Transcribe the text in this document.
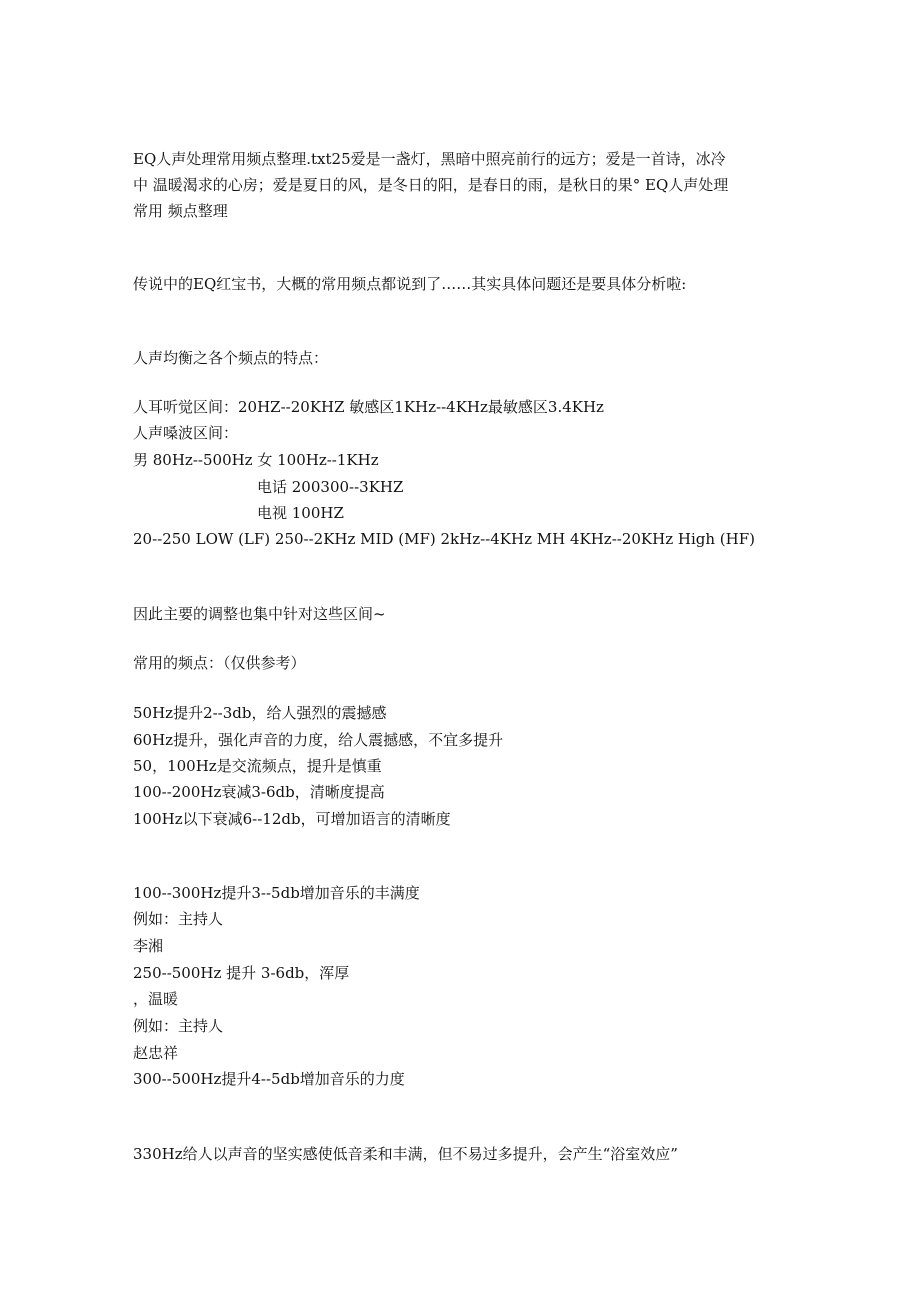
EQ人声处理常用频点整理.txt25爱是一盏灯，黑暗中照亮前行的远方；爱是一首诗，冰冷
中 温暖渴求的心房；爱是夏日的风，是冬日的阳，是春日的雨，是秋日的果° EQ人声处理
常用 频点整理
传说中的EQ红宝书，大概的常用频点都说到了……其实具体问题还是要具体分析啦:
人声均衡之各个频点的特点：
人耳听觉区间：20HZ--20KHZ 敏感区1KHz--4KHz最敏感区3.4KHz
人声嗓波区间：
男 80Hz--500Hz 女 100Hz--1KHz
电话 200300--3KHZ
电视 100HZ
20--250 LOW (LF) 250--2KHz MID (MF) 2kHz--4KHz MH 4KHz--20KHz High (HF)
因此主要的调整也集中针对这些区间~
常用的频点：（仅供参考）
50Hz提升2--3db，给人强烈的震撼感
60Hz提升，强化声音的力度，给人震撼感，不宜多提升
50，100Hz是交流频点，提升是慎重
100--200Hz衰减3-6db，清晰度提高
100Hz以下衰减6--12db，可增加语言的清晰度
100--300Hz提升3--5db增加音乐的丰满度
例如：主持人
李湘
250--500Hz 提升 3-6db，浑厚
，温暖
例如：主持人
赵忠祥
300--500Hz提升4--5db增加音乐的力度
330Hz给人以声音的坚实感使低音柔和丰满，但不易过多提升，会产生“浴室效应”
